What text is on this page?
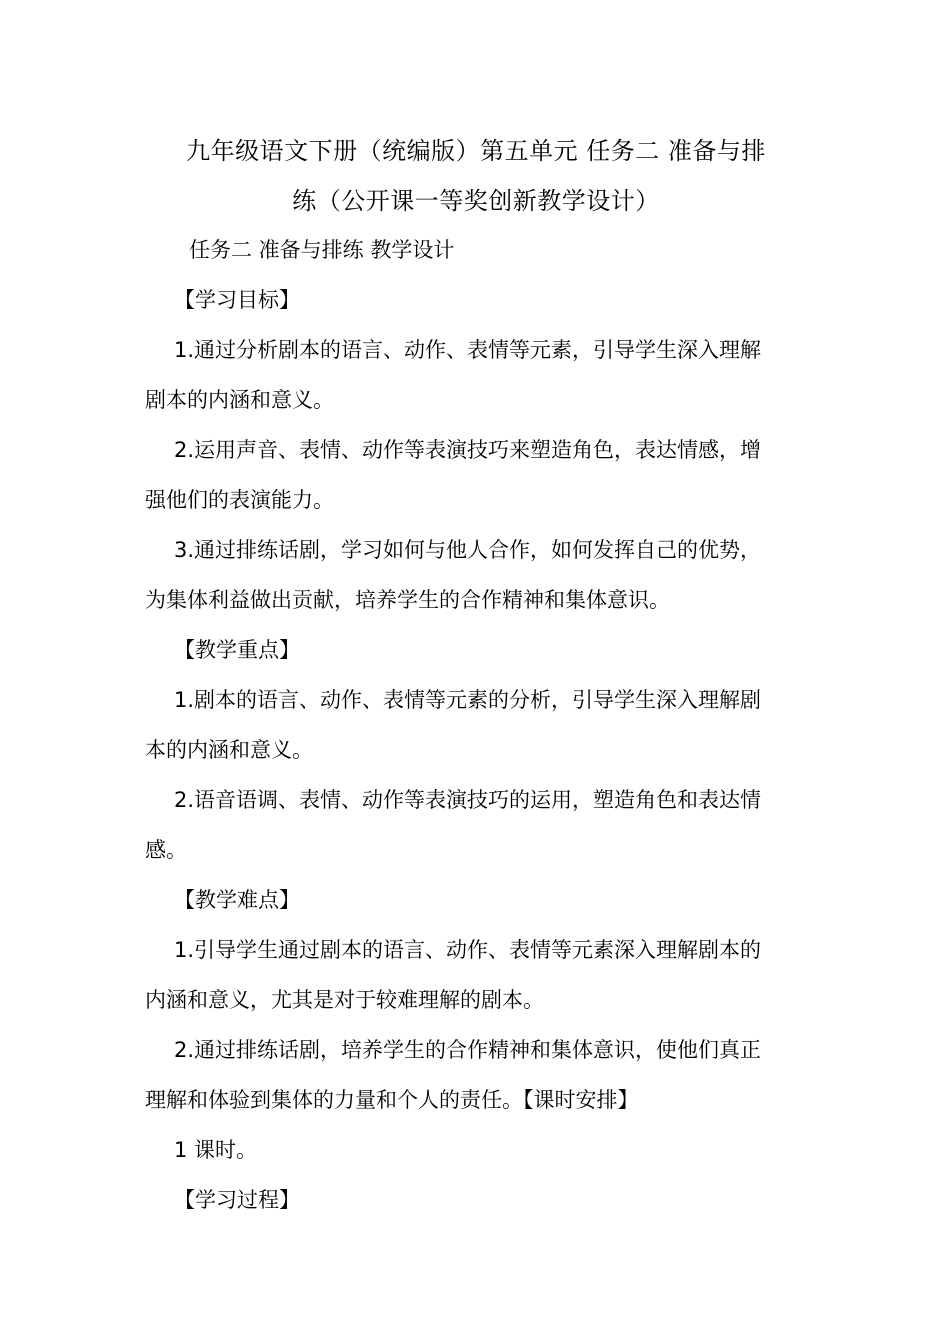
九年级语文下册（统编版）第五单元 任务二 准备与排
练（公开课一等奖创新教学设计）
任务二 准备与排练 教学设计
【学习目标】
1.通过分析剧本的语言、动作、表情等元素，引导学生深入理解
剧本的内涵和意义。
2.运用声音、表情、动作等表演技巧来塑造角色，表达情感，增
强他们的表演能力。
3.通过排练话剧，学习如何与他人合作，如何发挥自己的优势，
为集体利益做出贡献，培养学生的合作精神和集体意识。
【教学重点】
1.剧本的语言、动作、表情等元素的分析，引导学生深入理解剧
本的内涵和意义。
2.语音语调、表情、动作等表演技巧的运用，塑造角色和表达情
感。
【教学难点】
1.引导学生通过剧本的语言、动作、表情等元素深入理解剧本的
内涵和意义，尤其是对于较难理解的剧本。
2.通过排练话剧，培养学生的合作精神和集体意识，使他们真正
理解和体验到集体的力量和个人的责任。【课时安排】
1 课时。
【学习过程】
